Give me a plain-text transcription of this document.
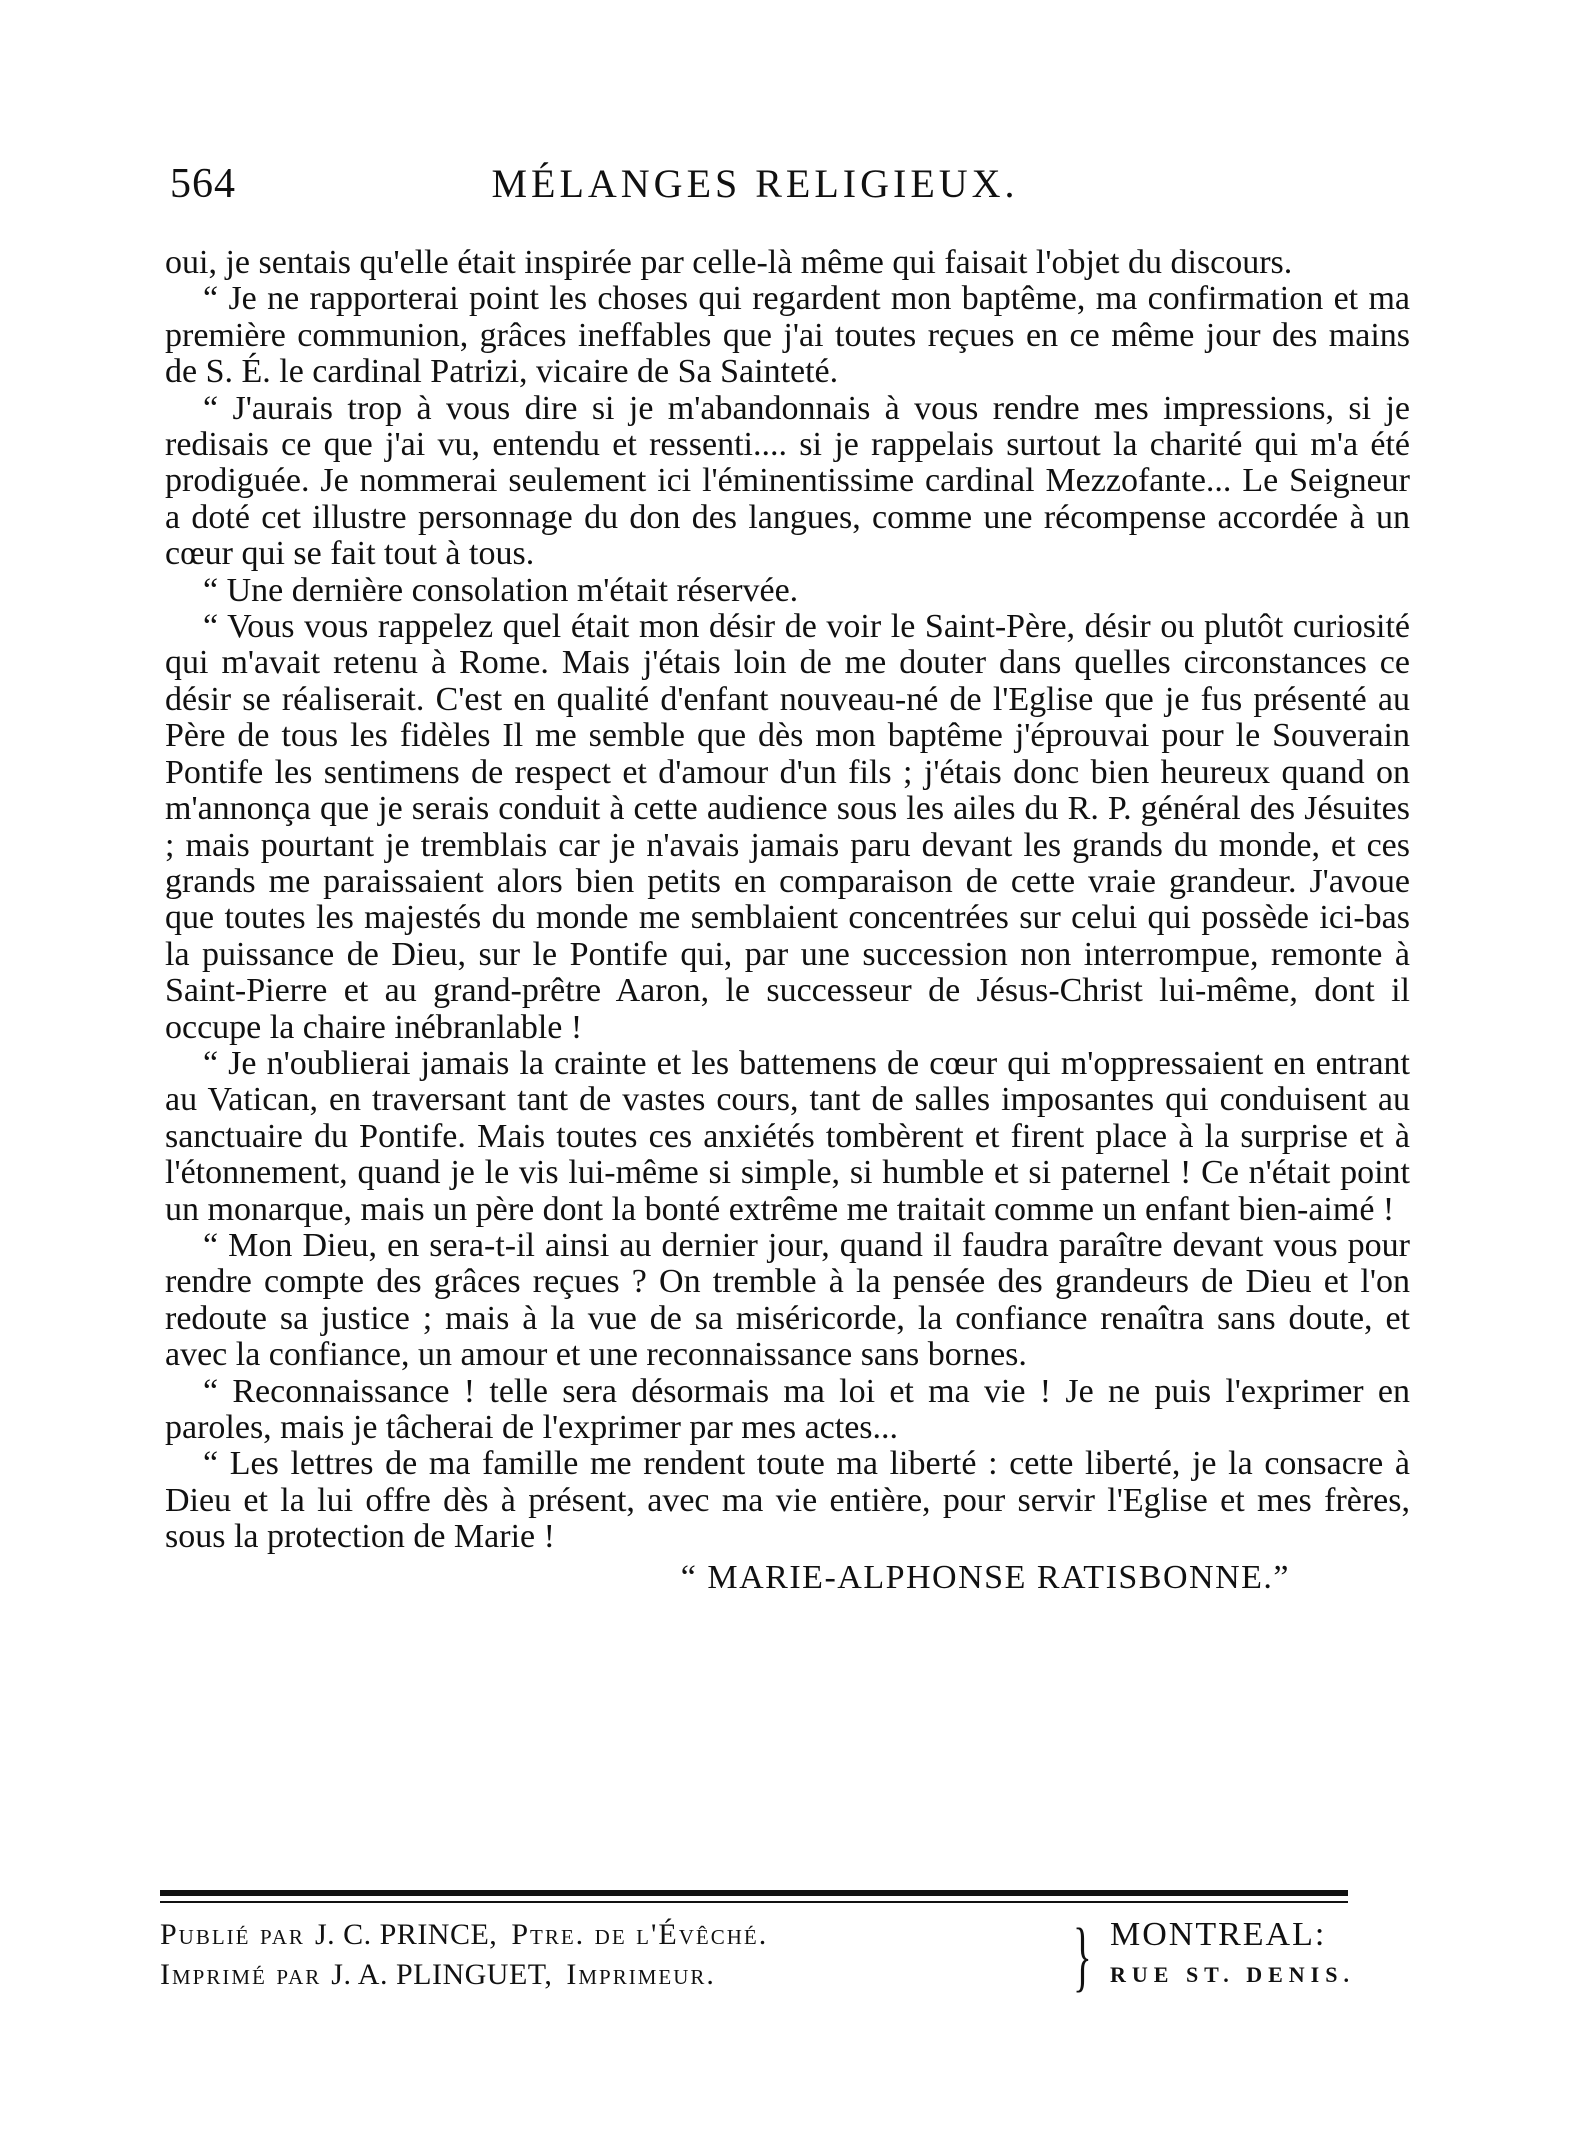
564	MÉLANGES RELIGIEUX.

oui, je sentais qu'elle était inspirée par celle-là même qui faisait l'objet du discours.

“ Je ne rapporterai point les choses qui regardent mon baptême, ma confirmation et ma première communion, grâces ineffables que j'ai toutes reçues en ce même jour des mains de S. É. le cardinal Patrizi, vicaire de Sa Sainteté.

“ J'aurais trop à vous dire si je m'abandonnais à vous rendre mes impressions, si je redisais ce que j'ai vu, entendu et ressenti.... si je rappelais surtout la charité qui m'a été prodiguée. Je nommerai seulement ici l'éminentissime cardinal Mezzofante... Le Seigneur a doté cet illustre personnage du don des langues, comme une récompense accordée à un cœur qui se fait tout à tous.

“ Une dernière consolation m'était réservée.

“ Vous vous rappelez quel était mon désir de voir le Saint-Père, désir ou plutôt curiosité qui m'avait retenu à Rome. Mais j'étais loin de me douter dans quelles circonstances ce désir se réaliserait. C'est en qualité d'enfant nouveau-né de l'Eglise que je fus présenté au Père de tous les fidèles Il me semble que dès mon baptême j'éprouvai pour le Souverain Pontife les sentimens de respect et d'amour d'un fils ; j'étais donc bien heureux quand on m'annonça que je serais conduit à cette audience sous les ailes du R. P. général des Jésuites ; mais pourtant je tremblais car je n'avais jamais paru devant les grands du monde, et ces grands me paraissaient alors bien petits en comparaison de cette vraie grandeur. J'avoue que toutes les majestés du monde me semblaient concentrées sur celui qui possède ici-bas la puissance de Dieu, sur le Pontife qui, par une succession non interrompue, remonte à Saint-Pierre et au grand-prêtre Aaron, le successeur de Jésus-Christ lui-même, dont il occupe la chaire inébranlable !

“ Je n'oublierai jamais la crainte et les battemens de cœur qui m'oppressaient en entrant au Vatican, en traversant tant de vastes cours, tant de salles imposantes qui conduisent au sanctuaire du Pontife. Mais toutes ces anxiétés tombèrent et firent place à la surprise et à l'étonnement, quand je le vis lui-même si simple, si humble et si paternel ! Ce n'était point un monarque, mais un père dont la bonté extrême me traitait comme un enfant bien-aimé !

“ Mon Dieu, en sera-t-il ainsi au dernier jour, quand il faudra paraître devant vous pour rendre compte des grâces reçues ? On tremble à la pensée des grandeurs de Dieu et l'on redoute sa justice ; mais à la vue de sa miséricorde, la confiance renaîtra sans doute, et avec la confiance, un amour et une reconnaissance sans bornes.

“ Reconnaissance ! telle sera désormais ma loi et ma vie ! Je ne puis l'exprimer en paroles, mais je tâcherai de l'exprimer par mes actes...

“ Les lettres de ma famille me rendent toute ma liberté : cette liberté, je la consacre à Dieu et la lui offre dès à présent, avec ma vie entière, pour servir l'Eglise et mes frères, sous la protection de Marie !

“ MARIE-ALPHONSE RATISBONNE.”

Publié par J. C. PRINCE, Ptre. de l'Évêché.
Imprimé par J. A. PLINGUET, Imprimeur.	} MONTREAL:
RUE ST. DENIS.
